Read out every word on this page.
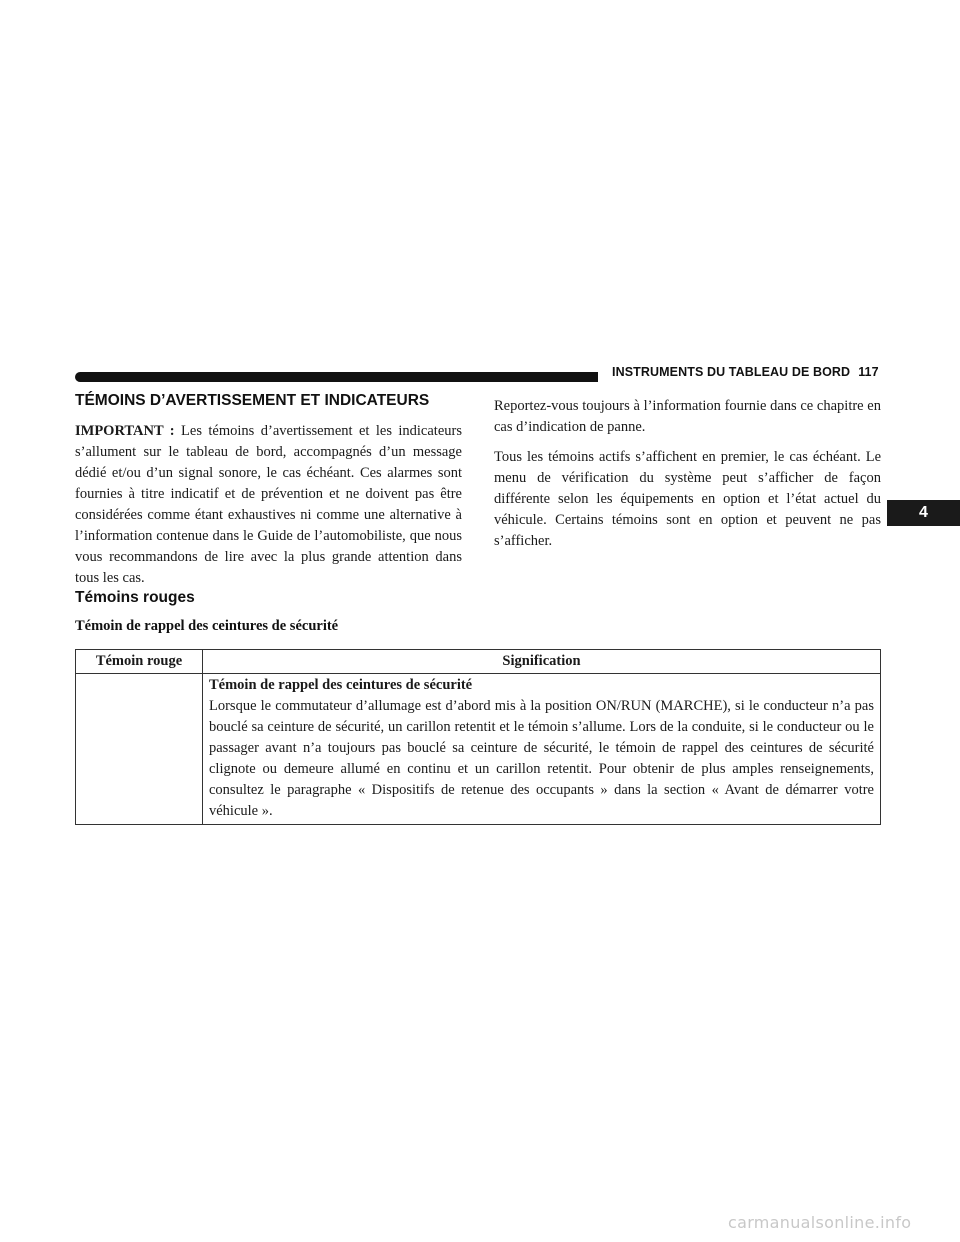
INSTRUMENTS DU TABLEAU DE BORD 117
4
TÉMOINS D’AVERTISSEMENT ET INDICATEURS

IMPORTANT : Les témoins d’avertissement et les indicateurs s’allument sur le tableau de bord, accompagnés d’un message dédié et/ou d’un signal sonore, le cas échéant. Ces alarmes sont fournies à titre indicatif et de prévention et ne doivent pas être considérées comme étant exhaustives ni comme une alternative à l’information contenue dans le Guide de l’automobiliste, que nous vous recommandons de lire avec la plus grande attention dans tous les cas.

Reportez-vous toujours à l’information fournie dans ce chapitre en cas d’indication de panne.

Tous les témoins actifs s’affichent en premier, le cas échéant. Le menu de vérification du système peut s’afficher de façon différente selon les équipements en option et l’état actuel du véhicule. Certains témoins sont en option et peuvent ne pas s’afficher.

Témoins rouges
Témoin de rappel des ceintures de sécurité
Témoin rouge	Signification

	Témoin de rappel des ceintures de sécurité
Lorsque le commutateur d’allumage est d’abord mis à la position ON/RUN (MARCHE), si le conducteur n’a pas bouclé sa ceinture de sécurité, un carillon retentit et le témoin s’allume. Lors de la conduite, si le conducteur ou le passager avant n’a toujours pas bouclé sa ceinture de sécurité, le témoin de rappel des ceintures de sécurité clignote ou demeure allumé en continu et un carillon retentit. Pour obtenir de plus amples renseignements, consultez le paragraphe « Dispositifs de retenue des occupants » dans la section « Avant de démarrer votre véhicule ».
carmanualsonline.info
